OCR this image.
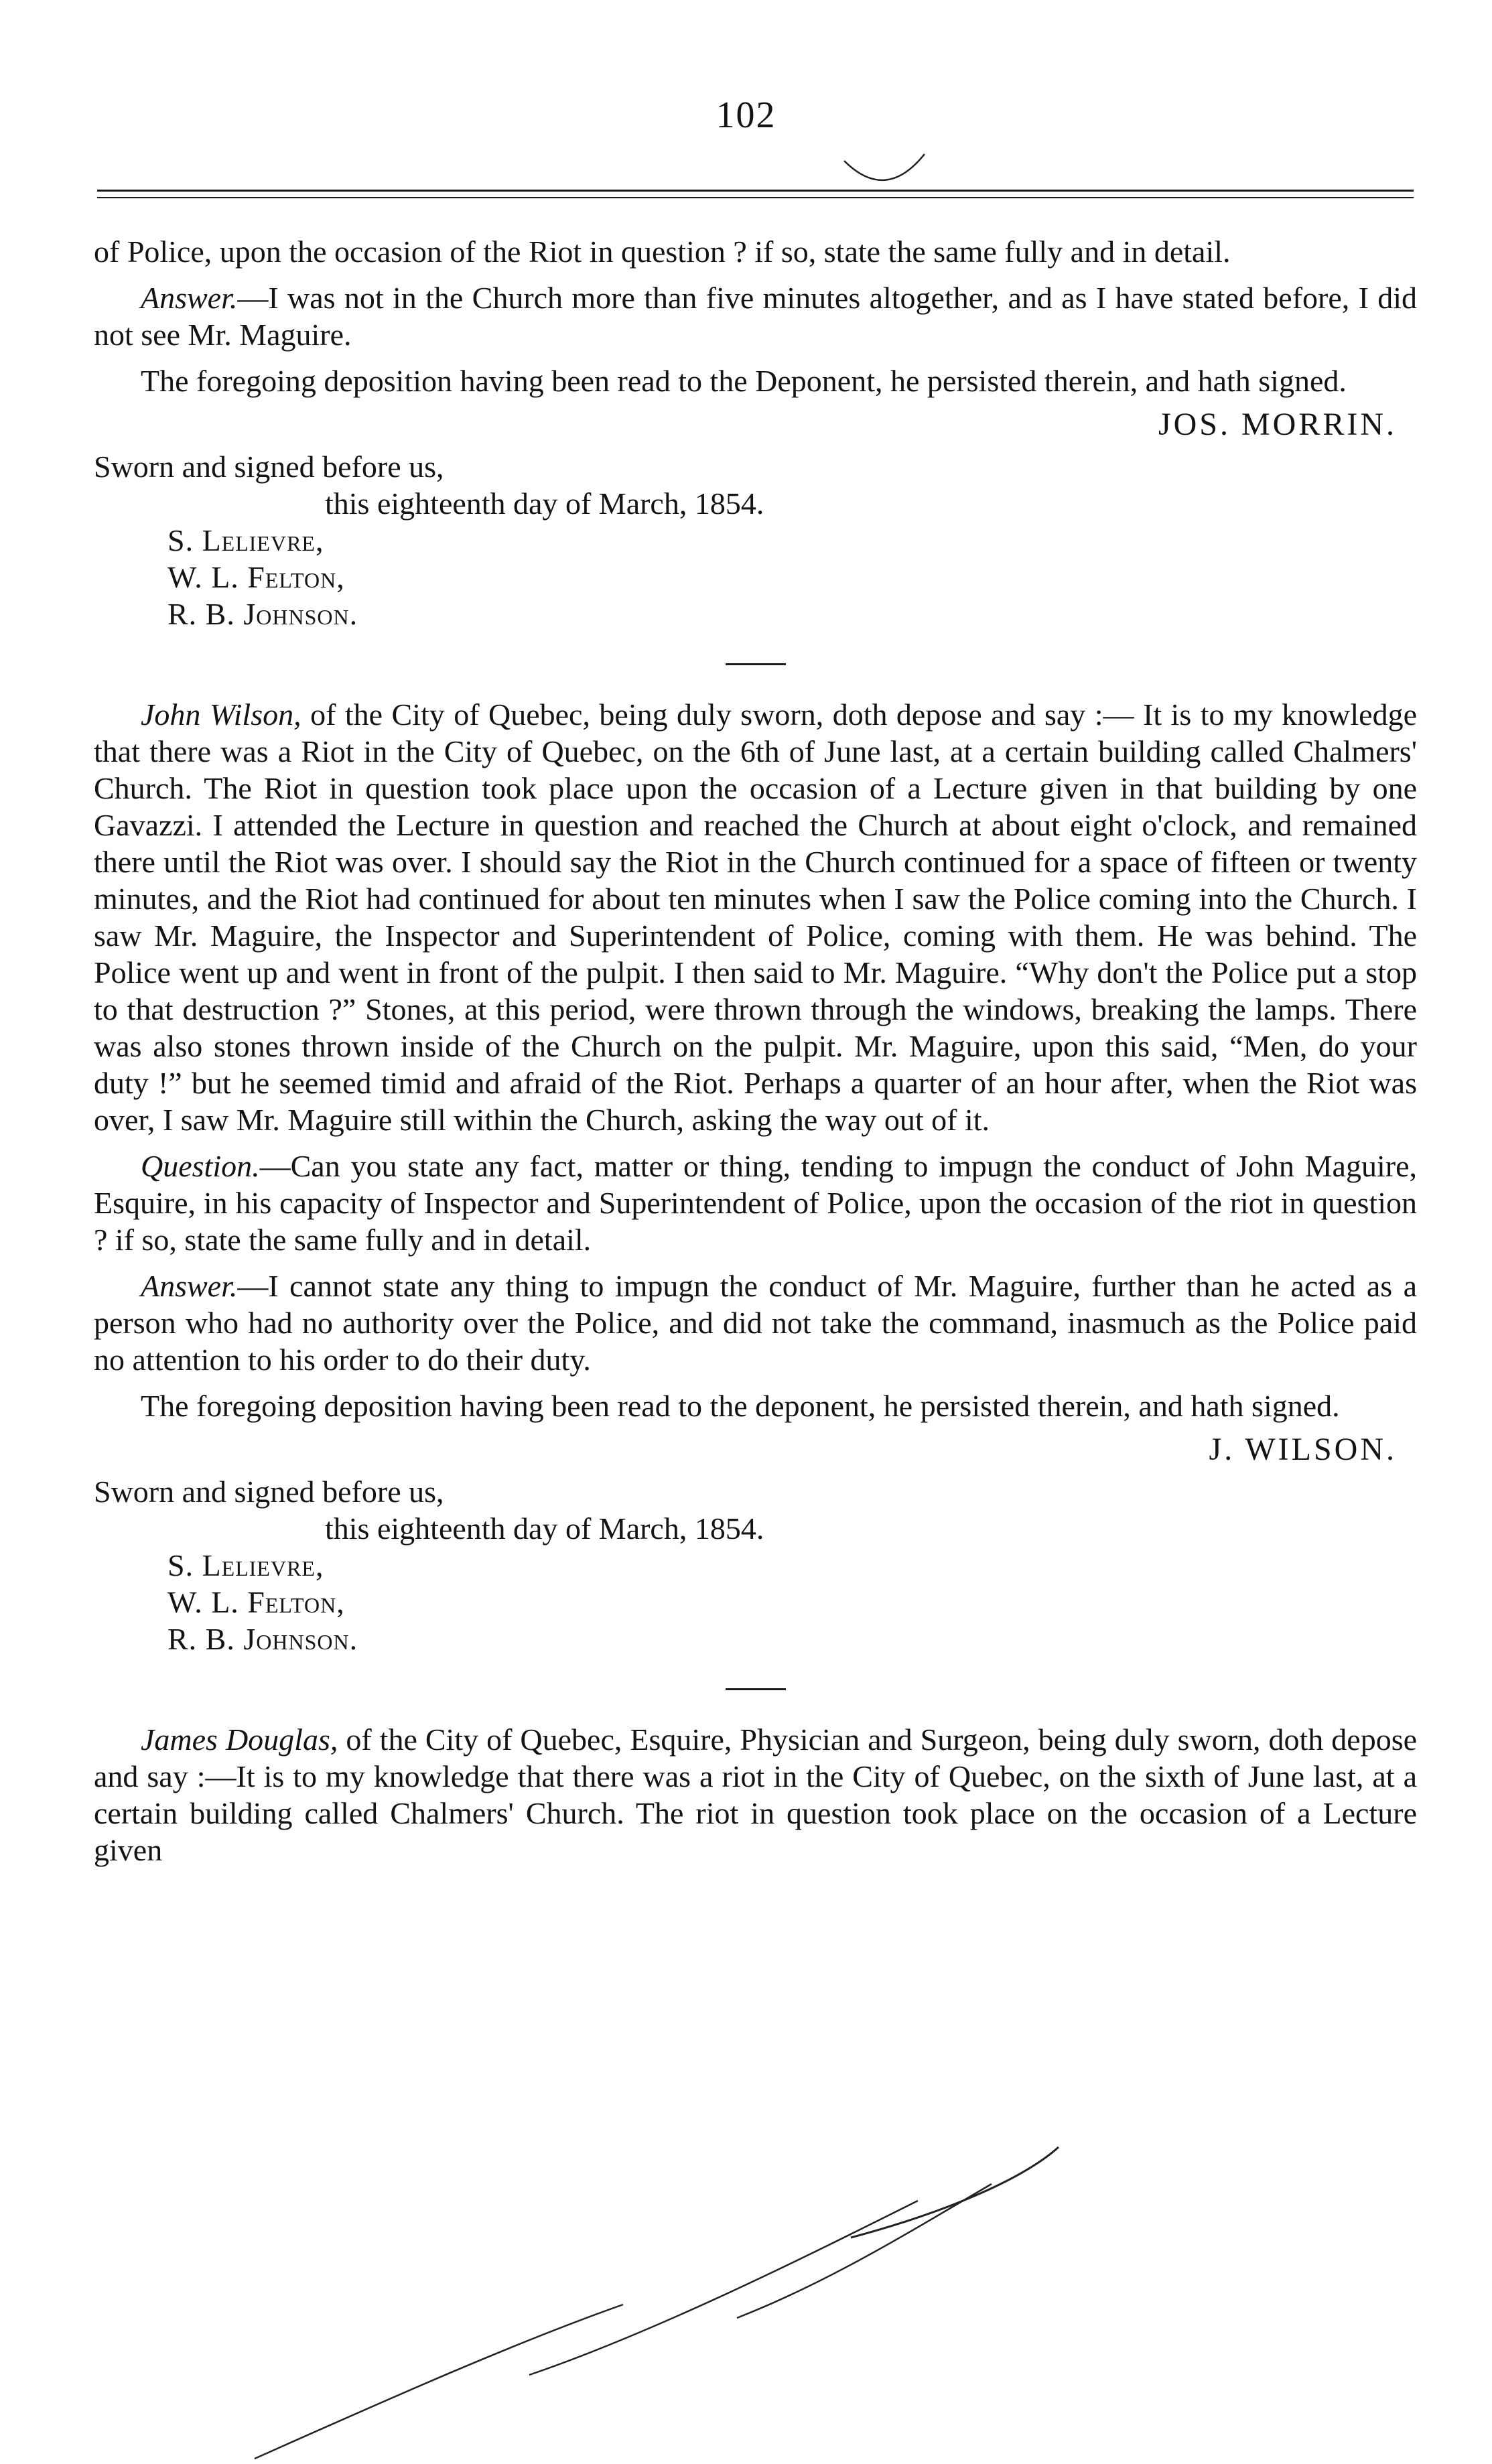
102

of Police, upon the occasion of the Riot in question ? if so, state the same fully and in detail.

Answer.—I was not in the Church more than five minutes altogether, and as I have stated before, I did not see Mr. Maguire.

The foregoing deposition having been read to the Deponent, he persisted therein, and hath signed.

JOS. MORRIN.
Sworn and signed before us,
this eighteenth day of March, 1854.
S. Lelievre,
W. L. Felton,
R. B. Johnson.

John Wilson, of the City of Quebec, being duly sworn, doth depose and say :— It is to my knowledge that there was a Riot in the City of Quebec, on the 6th of June last, at a certain building called Chalmers' Church. The Riot in question took place upon the occasion of a Lecture given in that building by one Gavazzi. I attended the Lecture in question and reached the Church at about eight o'clock, and remained there until the Riot was over. I should say the Riot in the Church continued for a space of fifteen or twenty minutes, and the Riot had continued for about ten minutes when I saw the Police coming into the Church. I saw Mr. Maguire, the Inspector and Superintendent of Police, coming with them. He was behind. The Police went up and went in front of the pulpit. I then said to Mr. Maguire. “Why don't the Police put a stop to that destruction ?” Stones, at this period, were thrown through the windows, breaking the lamps. There was also stones thrown inside of the Church on the pulpit. Mr. Maguire, upon this said, “Men, do your duty !” but he seemed timid and afraid of the Riot. Perhaps a quarter of an hour after, when the Riot was over, I saw Mr. Maguire still within the Church, asking the way out of it.

Question.—Can you state any fact, matter or thing, tending to impugn the conduct of John Maguire, Esquire, in his capacity of Inspector and Superintendent of Police, upon the occasion of the riot in question ? if so, state the same fully and in detail.

Answer.—I cannot state any thing to impugn the conduct of Mr. Maguire, further than he acted as a person who had no authority over the Police, and did not take the command, inasmuch as the Police paid no attention to his order to do their duty.

The foregoing deposition having been read to the deponent, he persisted therein, and hath signed.

J. WILSON.
Sworn and signed before us,
this eighteenth day of March, 1854.
S. Lelievre,
W. L. Felton,
R. B. Johnson.

James Douglas, of the City of Quebec, Esquire, Physician and Surgeon, being duly sworn, doth depose and say :—It is to my knowledge that there was a riot in the City of Quebec, on the sixth of June last, at a certain building called Chalmers' Church. The riot in question took place on the occasion of a Lecture given
